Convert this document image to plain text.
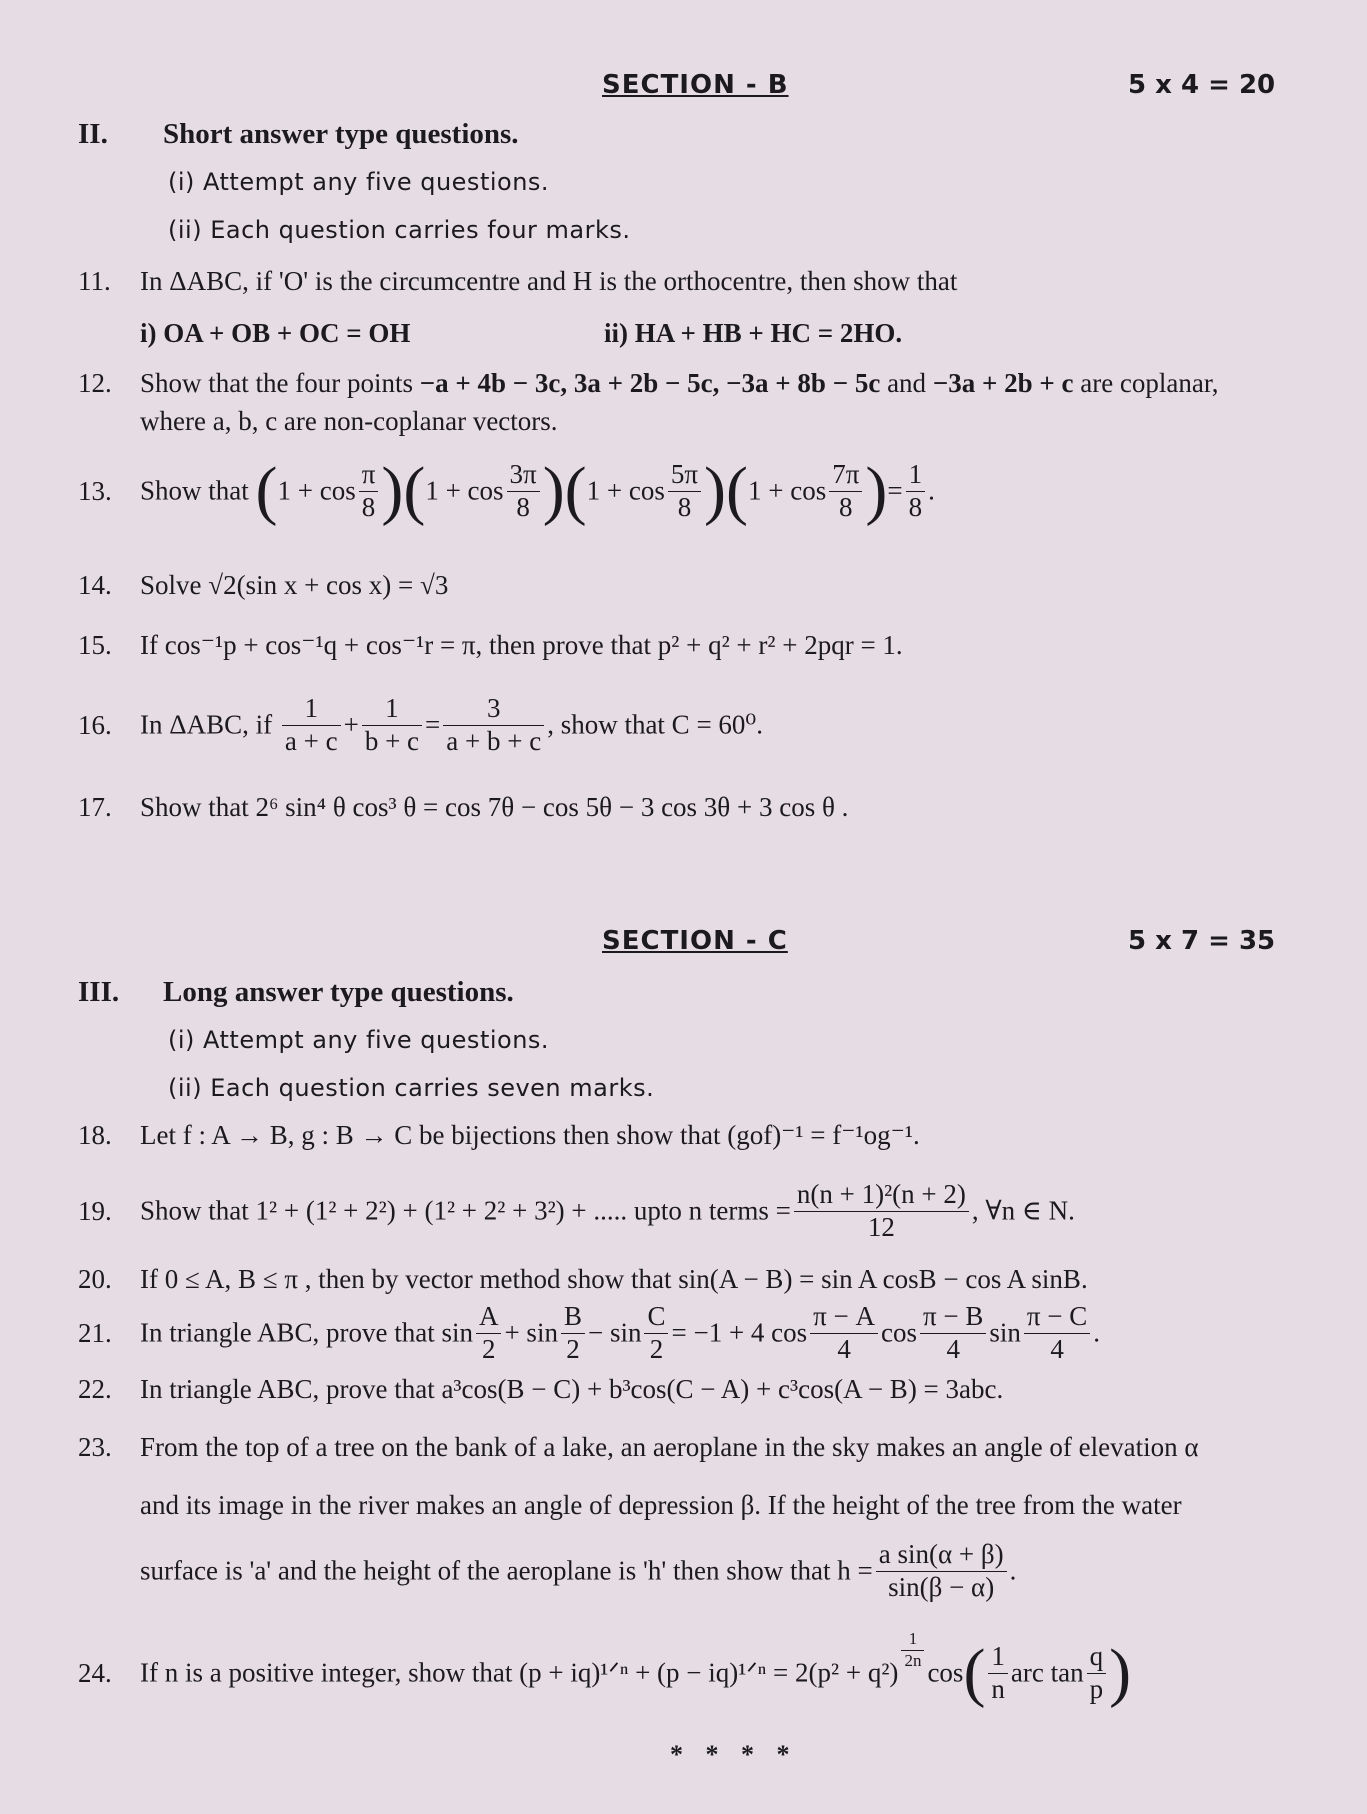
SECTION - B	5 x 4 = 20
II. Short answer type questions.
(i) Attempt any five questions.
(ii) Each question carries four marks.
11. In ΔABC, if 'O' is the circumcentre and H is the orthocentre, then show that
i) OA + OB + OC = OH	ii) HA + HB + HC = 2HO.
12. Show that the four points −a + 4b − 3c, 3a + 2b − 5c, −3a + 8b − 5c and −3a + 2b + c are coplanar,
where a, b, c are non-coplanar vectors.
13. Show that $(1 + \cos \frac{\pi}{8} )(1 + \cos \frac{3\pi}{8} )(1 + \cos \frac{5\pi}{8} )(1 + \cos \frac{7\pi}{8}$ )= $\frac{1}{8}$ .
14. Solve √2(sin x + cos x) = √3
15. If cos⁻¹p + cos⁻¹q + cos⁻¹r = π, then prove that p² + q² + r² + 2pqr = 1.
16. In ΔABC, if $\frac{1}{a + c} + \frac{1}{b + c} = \frac{3}{a + b + c}$ , show that C = 60⁰.
17. Show that 2⁶ sin⁴ θ cos³ θ = cos 7θ − cos 5θ − 3 cos 3θ + 3 cos θ .
SECTION - C	5 x 7 = 35
III. Long answer type questions.
(i) Attempt any five questions.
(ii) Each question carries seven marks.
18. Let f : A → B, g : B → C be bijections then show that (gof)⁻¹ = f⁻¹og⁻¹.
19. Show that 1² + (1² + 2²) + (1² + 2² + 3²) + ..... upto n terms = $\frac{\text{n(n + 1)²(n + 2)}}{12}$ , ∀n ∈ N.
20. If 0 ≤ A, B ≤ π , then by vector method show that sin(A − B) = sin A cosB − cos A sinB.
21. In triangle ABC, prove that $\sin \frac{A}{2} + \sin \frac{B}{2} - \sin \frac{C}{2} = -1 + 4$ $\cos \frac{\pi - A}{4}$ $\cos \frac{\pi - B}{4}$ $\sin \frac{\pi - C}{4}$ .
22. In triangle ABC, prove that a³cos(B − C) + b³cos(C − A) + c³cos(A − B) = 3abc.
23. From the top of a tree on the bank of a lake, an aeroplane in the sky makes an angle of elevation α
and its image in the river makes an angle of depression β. If the height of the tree from the water
surface is 'a' and the height of the aeroplane is 'h' then show that $h = \frac{\text{a sin(α + β)}}{\sin(\beta - \alpha)}$ .
24. If n is a positive integer, show that (p + iq)¹ᐟⁿ + (p − iq)¹ᐟⁿ = 2(p² + q²)
$\frac{1}{2n}$
$\cos( \frac{1}{n}$ arc $\tan \frac{q}{p}$ )
* * * *
